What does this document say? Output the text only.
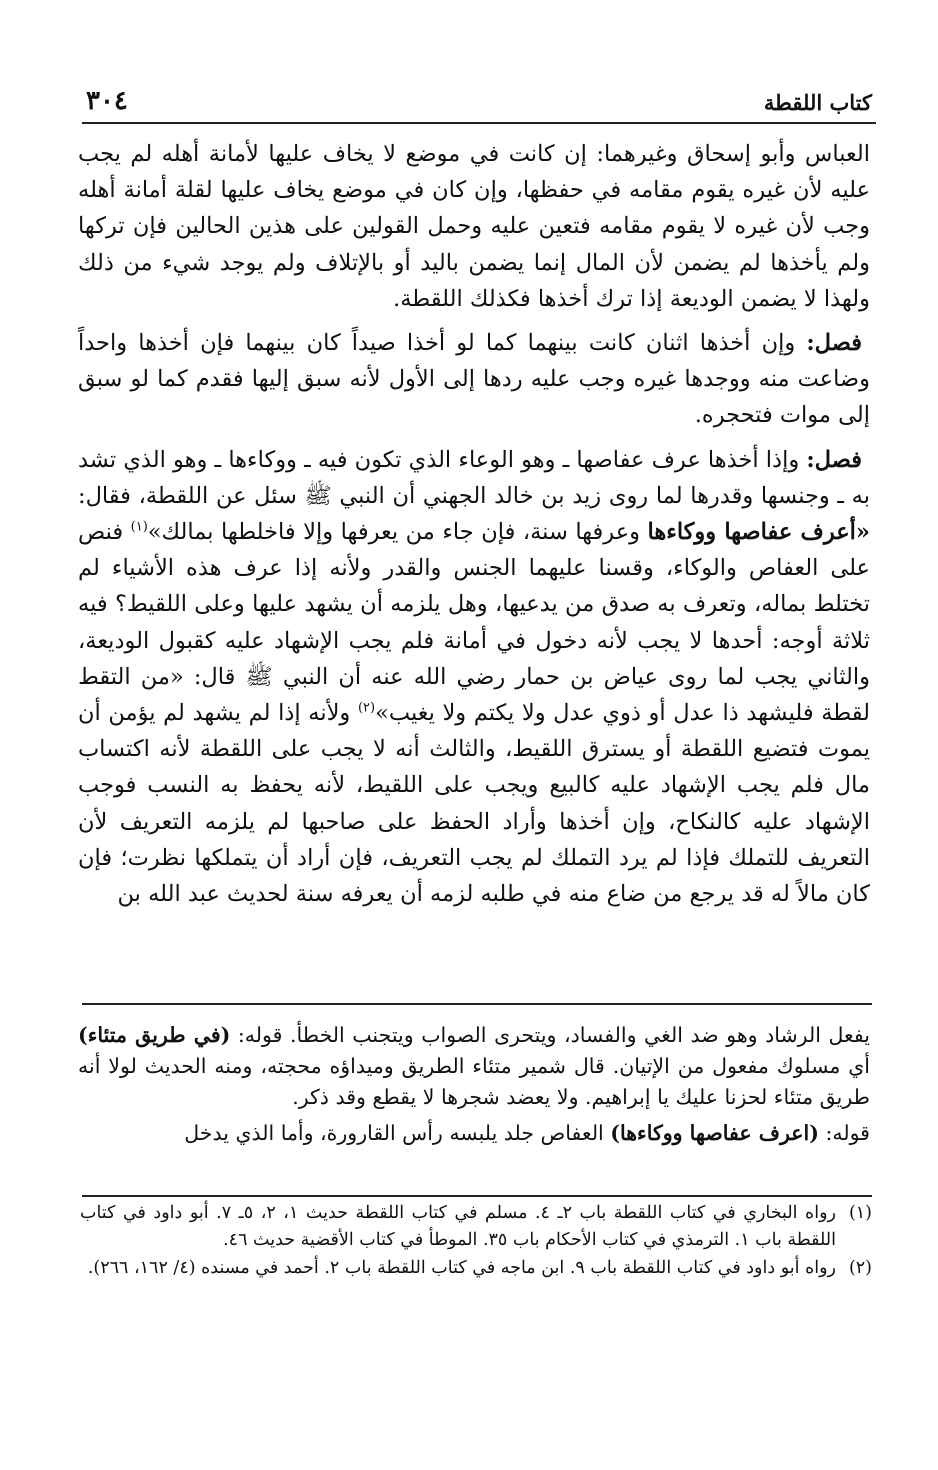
كتاب اللقطة
٣٠٤

العباس وأبو إسحاق وغيرهما: إن كانت في موضع لا يخاف عليها لأمانة أهله لم يجب عليه لأن غيره يقوم مقامه في حفظها، وإن كان في موضع يخاف عليها لقلة أمانة أهله وجب لأن غيره لا يقوم مقامه فتعين عليه وحمل القولين على هذين الحالين فإن تركها ولم يأخذها لم يضمن لأن المال إنما يضمن باليد أو بالإتلاف ولم يوجد شيء من ذلك ولهذا لا يضمن الوديعة إذا ترك أخذها فكذلك اللقطة.

فصل: وإن أخذها اثنان كانت بينهما كما لو أخذا صيداً كان بينهما فإن أخذها واحداً وضاعت منه ووجدها غيره وجب عليه ردها إلى الأول لأنه سبق إليها فقدم كما لو سبق إلى موات فتحجره.

فصل: وإذا أخذها عرف عفاصها ـ وهو الوعاء الذي تكون فيه ـ ووكاءها ـ وهو الذي تشد به ـ وجنسها وقدرها لما روى زيد بن خالد الجهني أن النبي ﷺ سئل عن اللقطة، فقال: «أعرف عفاصها ووكاءها وعرفها سنة، فإن جاء من يعرفها وإلا فاخلطها بمالك»$^{(١)}$ فنص على العفاص والوكاء، وقسنا عليهما الجنس والقدر ولأنه إذا عرف هذه الأشياء لم تختلط بماله، وتعرف به صدق من يدعيها، وهل يلزمه أن يشهد عليها وعلى اللقيط؟ فيه ثلاثة أوجه: أحدها لا يجب لأنه دخول في أمانة فلم يجب الإشهاد عليه كقبول الوديعة، والثاني يجب لما روى عياض بن حمار رضي الله عنه أن النبي ﷺ قال: «من التقط لقطة فليشهد ذا عدل أو ذوي عدل ولا يكتم ولا يغيب»$^{(٢)}$ ولأنه إذا لم يشهد لم يؤمن أن يموت فتضيع اللقطة أو يسترق اللقيط، والثالث أنه لا يجب على اللقطة لأنه اكتساب مال فلم يجب الإشهاد عليه كالبيع ويجب على اللقيط، لأنه يحفظ به النسب فوجب الإشهاد عليه كالنكاح، وإن أخذها وأراد الحفظ على صاحبها لم يلزمه التعريف لأن التعريف للتملك فإذا لم يرد التملك لم يجب التعريف، فإن أراد أن يتملكها نظرت؛ فإن كان مالاً له قد يرجع من ضاع منه في طلبه لزمه أن يعرفه سنة لحديث عبد الله بن

يفعل الرشاد وهو ضد الغي والفساد، ويتحرى الصواب ويتجنب الخطأ. قوله: (في طريق متئاء) أي مسلوك مفعول من الإتيان. قال شمير متئاء الطريق وميداؤه محجته، ومنه الحديث لولا أنه طريق متئاء لحزنا عليك يا إبراهيم. ولا يعضد شجرها لا يقطع وقد ذكر.

قوله: (اعرف عفاصها ووكاءها) العفاص جلد يلبسه رأس القارورة، وأما الذي يدخل

(١)
رواه البخاري في كتاب اللقطة باب ٢ـ ٤. مسلم في كتاب اللقطة حديث ١، ٢، ٥ـ ٧. أبو داود في كتاب اللقطة باب ١. الترمذي في كتاب الأحكام باب ٣٥. الموطأ في كتاب الأقضية حديث ٤٦.
(٢)
رواه أبو داود في كتاب اللقطة باب ٩. ابن ماجه في كتاب اللقطة باب ٢. أحمد في مسنده (٤/ ١٦٢، ٢٦٦).
